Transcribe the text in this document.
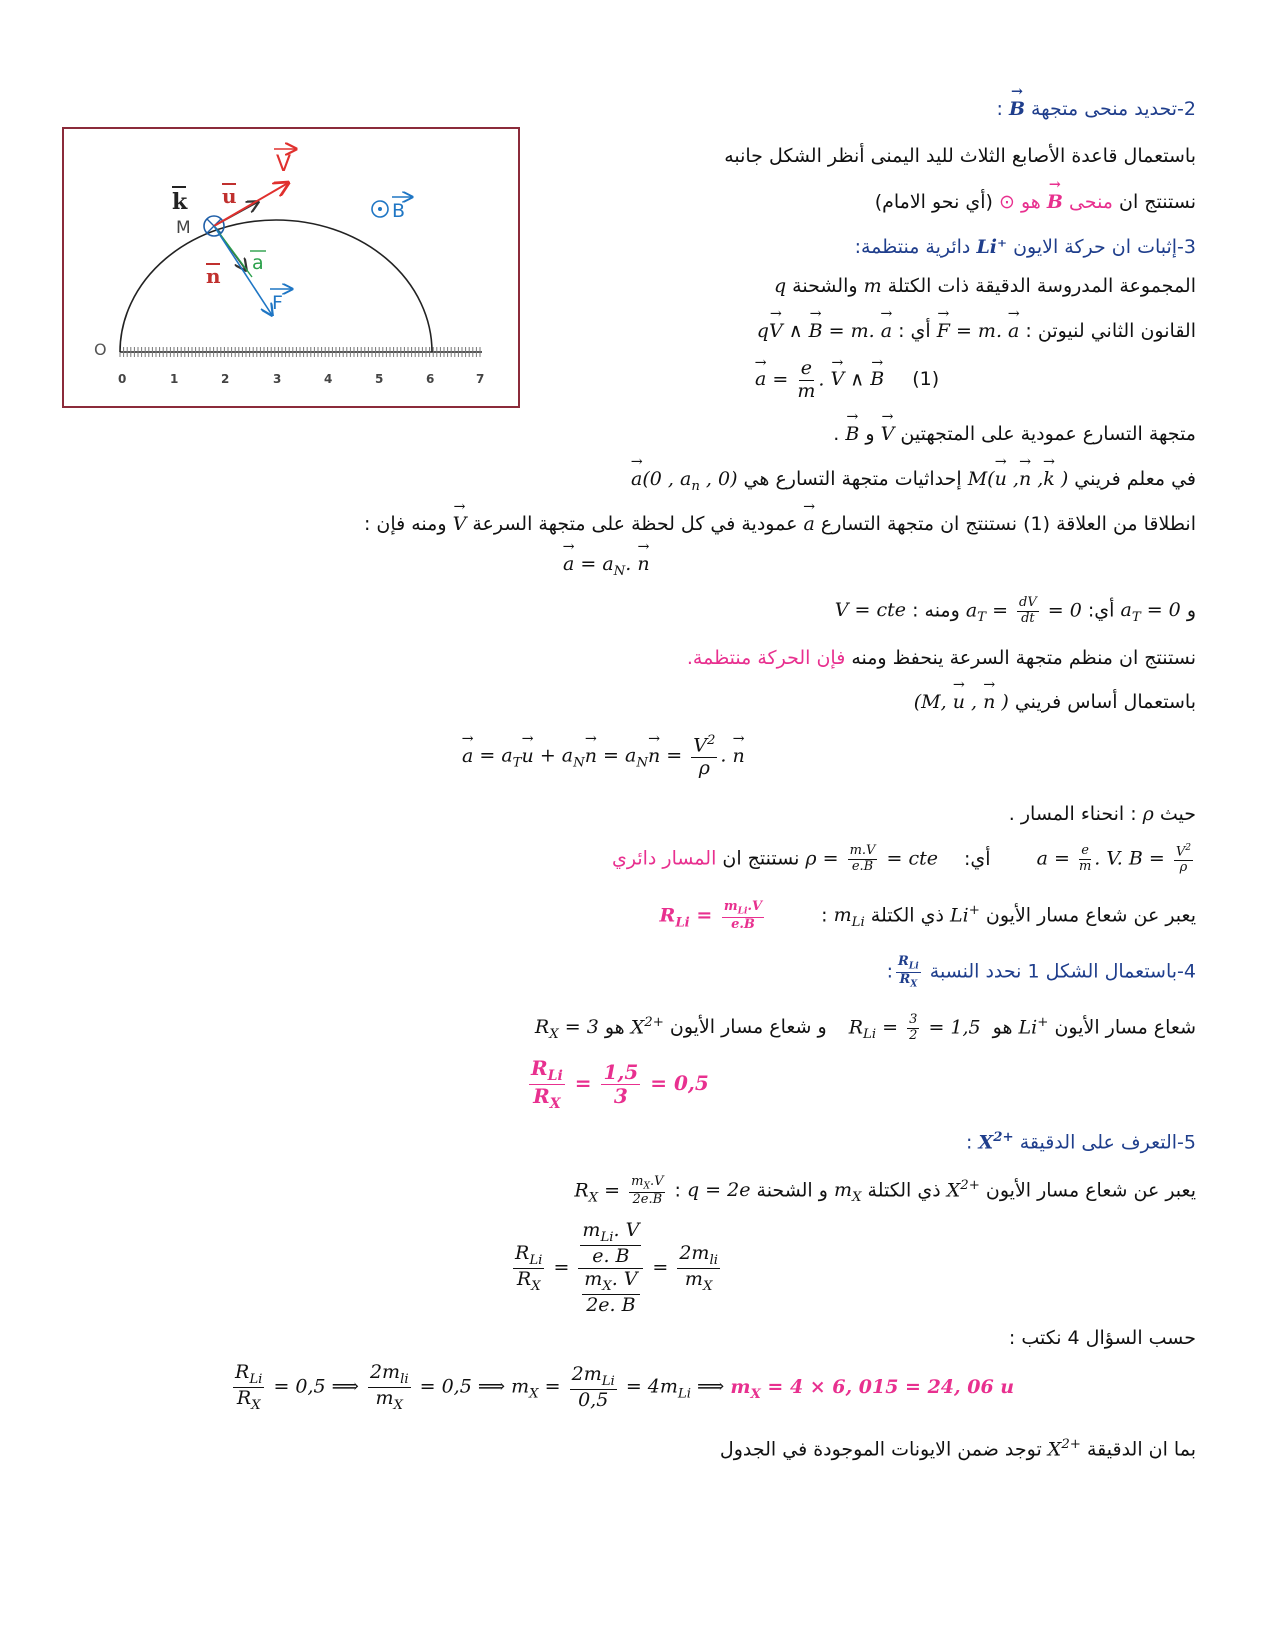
0	1	2	3	4	5	6	7
O
M
k u
V
B
n
a
F
2-تحديد منحى متجهة → B :
باستعمال قاعدة الأصابع الثلاث لليد اليمنى أنظر الشكل جانبه
نستنتج ان منحى → B هو ⊙ (أي نحو الامام)
3-إثبات ان حركة الايون Li⁺ دائرية منتظمة:
المجموعة المدروسة الدقيقة ذات الكتلة m والشحنة q
القانون الثاني لنيوتن : → F = m. → a أي : q→ V ∧ → B = m. → a
→ $a = \frac{e}{m}$ . → V ∧ → B (1)
متجهة التسارع عمودية على المتجهتين → V و → B .
في معلم فريني M(→ u ,→ n ,→ k ) إحداثيات متجهة التسارع هي → a(0 , $a_n$ , 0)
انطلاقا من العلاقة (1) نستنتج ان متجهة التسارع → a عمودية في كل لحظة على متجهة السرعة → V ومنه فإن :
→ $a = a_N$. → n
و $a_T = 0$ أي: $a_T = \frac{dV}{dt} = 0$ ومنه : V = cte
نستنتج ان منظم متجهة السرعة ينحفظ ومنه فإن الحركة منتظمة.
باستعمال أساس فريني (M, → u , → n )
→ $a = a_T\to u + a_N\to n = a_N\to n = \frac{V^2}{\rho}$ . → n
حيث ρ : انحناء المسار .
$a = \frac{e}{m}$ . V. $B = \frac{V^2}{\rho}$
أي: $\rho = \frac{m.V}{e.B}$ = cte نستنتج ان المسار دائري
يعبر عن شعاع مسار الأيون Li+ ذي الكتلة $m_{Li}$ : $R_{Li} = \frac{m_{Li}.V}{e.B}$
4-باستعمال الشكل 1 نحدد النسبة
$\frac{R_{Li}}{R_X}$
:
شعاع مسار الأيون Li+ هو $R_{Li} = \frac{3}{2} = 1,5$ و شعاع مسار الأيون $X^{2+}$ هو $R_X = 3$
$\frac{R_{Li}}{R_X} = \frac{1,5}{3} = 0,5$
5-التعرف على الدقيقة $X^{2+}$ :
يعبر عن شعاع مسار الأيون $X^{2+}$ ذي الكتلة $m_X$ و الشحنة q = 2e : $R_X = \frac{m_X.V}{2e.B}$
$\frac{R_{Li}}{R_X} = \frac{\frac{m_{Li}. V}{e. B}}{\frac{m_X. V}{2e. B}} = \frac{2m_{li}}{m_X}$
حسب السؤال 4 نكتب :
$\frac{R_{Li}}{R_X} = 0,5$ ⟹ $\frac{2m_{li}}{m_X} = 0,5$ ⟹ $m_X = \frac{2m_{Li}}{0,5} = 4m_{Li}$ ⟹ $m_X = 4 \times 6$, 015 = 24, 06 u
بما ان الدقيقة $X^{2+}$ توجد ضمن الايونات الموجودة في الجدول
